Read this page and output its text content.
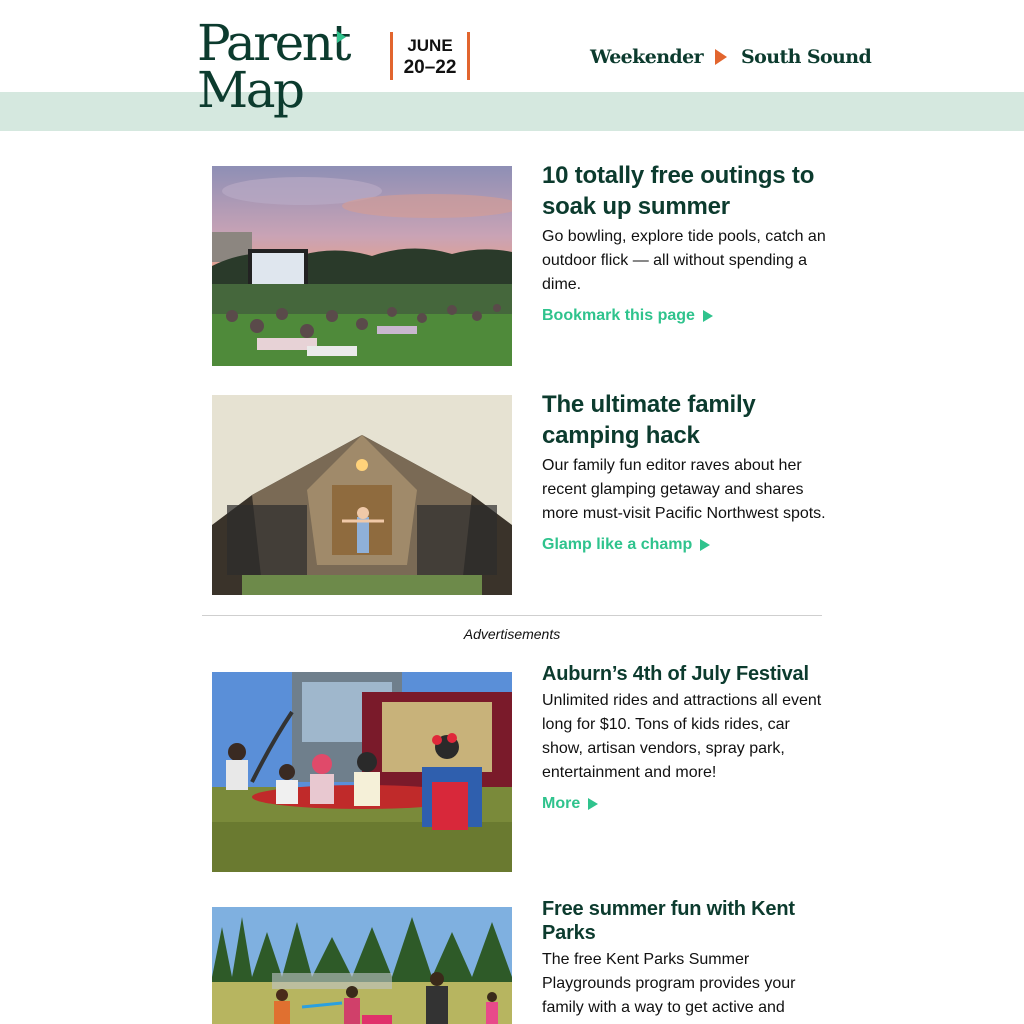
Parent
Map
JUNE
20–22	Weekender South Sound
10 totally free outings to soak up summer
Go bowling, explore tide pools, catch an outdoor flick — all without spending a dime.
Bookmark this page
The ultimate family camping hack
Our family fun editor raves about her recent glamping getaway and shares more must-visit Pacific Northwest spots.
Glamp like a champ
Advertisements
Auburn’s 4th of July Festival
Unlimited rides and attractions all event long for $10. Tons of kids rides, car show, artisan vendors, spray park, entertainment and more!
More
Free summer fun with Kent Parks
The free Kent Parks Summer Playgrounds program provides your family with a way to get active and
